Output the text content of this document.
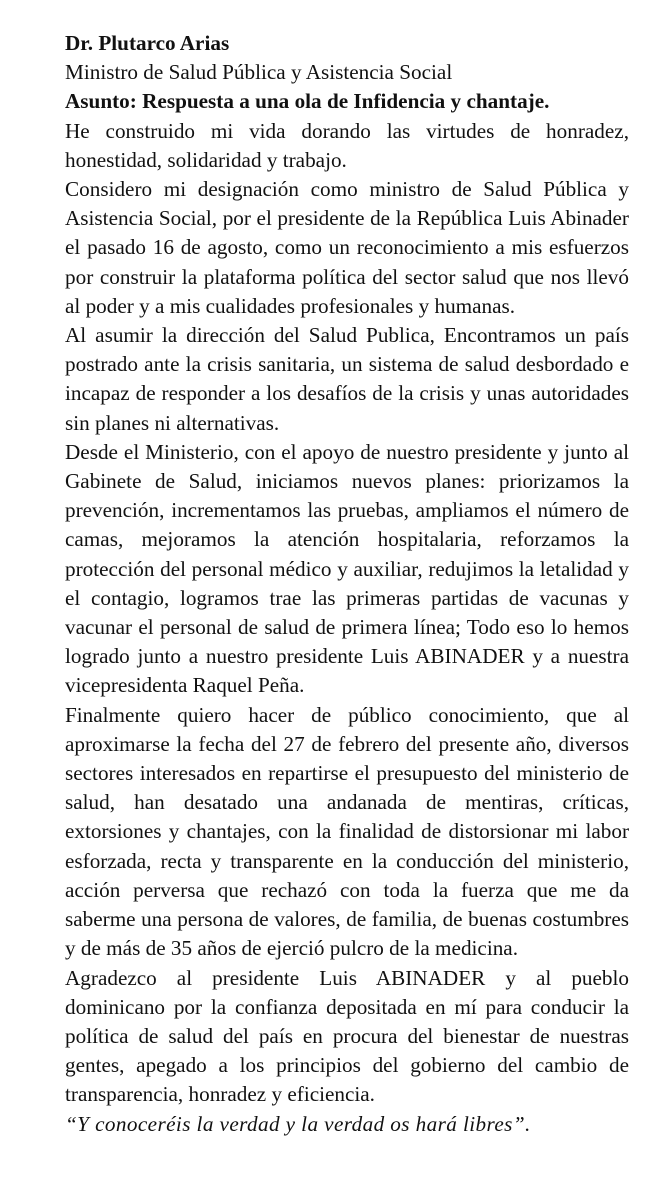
Dr. Plutarco Arias
Ministro de Salud Pública y Asistencia Social
Asunto: Respuesta a una ola de Infidencia y chantaje.

He construido mi vida dorando las virtudes de honradez, honestidad, solidaridad y trabajo.

Considero mi designación como ministro de Salud Pública y Asistencia Social, por el presidente de la República Luis Abinader el pasado 16 de agosto, como un reconocimiento a mis esfuerzos por construir la plataforma política del sector salud que nos llevó al poder y a mis cualidades profesionales y humanas.

Al asumir la dirección del Salud Publica, Encontramos un país postrado ante la crisis sanitaria, un sistema de salud desbordado e incapaz de responder a los desafíos de la crisis y unas autoridades sin planes ni alternativas.

Desde el Ministerio, con el apoyo de nuestro presidente y junto al Gabinete de Salud, iniciamos nuevos planes: priorizamos la prevención, incrementamos las pruebas, ampliamos el número de camas, mejoramos la atención hospitalaria, reforzamos la protección del personal médico y auxiliar, redujimos la letalidad y el contagio, logramos trae las primeras partidas de vacunas y vacunar el personal de salud de primera línea; Todo eso lo hemos logrado junto a nuestro presidente Luis ABINADER y a nuestra vicepresidenta Raquel Peña.

Finalmente quiero hacer de público conocimiento, que al aproximarse la fecha del 27 de febrero del presente año, diversos sectores interesados en repartirse el presupuesto del ministerio de salud, han desatado una andanada de mentiras, críticas, extorsiones y chantajes, con la finalidad de distorsionar mi labor esforzada, recta y transparente en la conducción del ministerio, acción perversa que rechazó con toda la fuerza que me da saberme una persona de valores, de familia, de buenas costumbres y de más de 35 años de ejerció pulcro de la medicina.

Agradezco al presidente Luis ABINADER y al pueblo dominicano por la confianza depositada en mí para conducir la política de salud del país en procura del bienestar de nuestras gentes, apegado a los principios del gobierno del cambio de transparencia, honradez y eficiencia.

“Y conoceréis la verdad y la verdad os hará libres”.
